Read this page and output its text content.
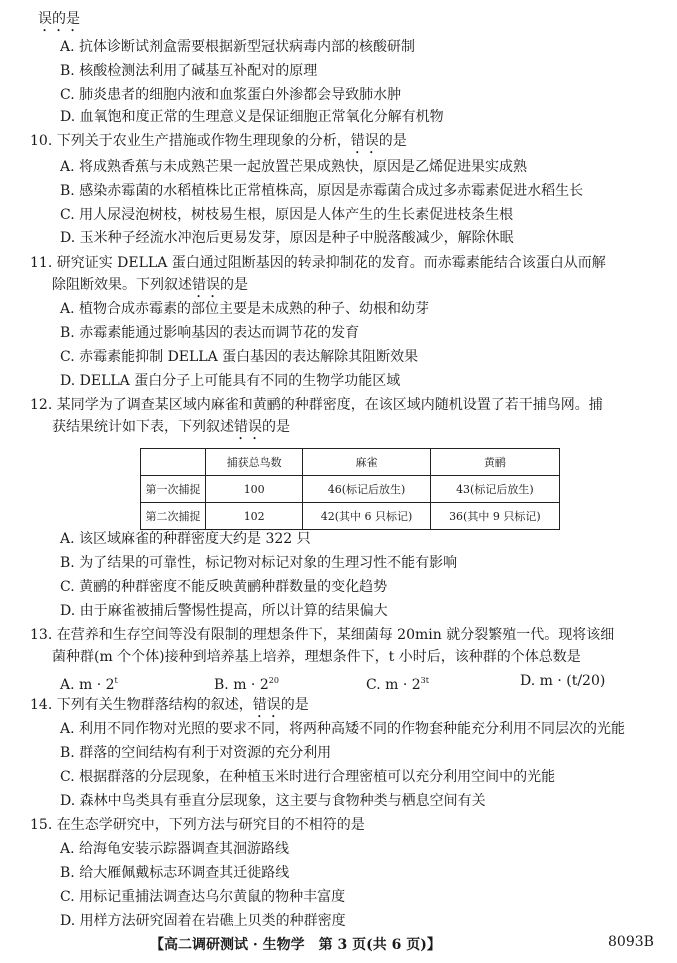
误的是
A. 抗体诊断试剂盒需要根据新型冠状病毒内部的核酸研制
B. 核酸检测法利用了碱基互补配对的原理
C. 肺炎患者的细胞内液和血浆蛋白外渗都会导致肺水肿
D. 血氧饱和度正常的生理意义是保证细胞正常氧化分解有机物
10. 下列关于农业生产措施或作物生理现象的分析，错误的是
A. 将成熟香蕉与未成熟芒果一起放置芒果成熟快，原因是乙烯促进果实成熟
B. 感染赤霉菌的水稻植株比正常植株高，原因是赤霉菌合成过多赤霉素促进水稻生长
C. 用人尿浸泡树枝，树枝易生根，原因是人体产生的生长素促进枝条生根
D. 玉米种子经流水冲泡后更易发芽，原因是种子中脱落酸减少，解除休眠
11. 研究证实 DELLA 蛋白通过阻断基因的转录抑制花的发育。而赤霉素能结合该蛋白从而解
除阻断效果。下列叙述错误的是
A. 植物合成赤霉素的部位主要是未成熟的种子、幼根和幼芽
B. 赤霉素能通过影响基因的表达而调节花的发育
C. 赤霉素能抑制 DELLA 蛋白基因的表达解除其阻断效果
D. DELLA 蛋白分子上可能具有不同的生物学功能区域
12. 某同学为了调查某区域内麻雀和黄鹂的种群密度，在该区域内随机设置了若干捕鸟网。捕
获结果统计如下表，下列叙述错误的是
	捕获总鸟数	麻雀	黄鹂
第一次捕捉	100	46(标记后放生)	43(标记后放生)
第二次捕捉	102	42(其中 6 只标记)	36(其中 9 只标记)
A. 该区域麻雀的种群密度大约是 322 只
B. 为了结果的可靠性，标记物对标记对象的生理习性不能有影响
C. 黄鹂的种群密度不能反映黄鹂种群数量的变化趋势
D. 由于麻雀被捕后警惕性提高，所以计算的结果偏大
13. 在营养和生存空间等没有限制的理想条件下，某细菌每 20min 就分裂繁殖一代。现将该细
菌种群(m 个个体)接种到培养基上培养，理想条件下，t 小时后，该种群的个体总数是
A. $m \cdot 2^t$	B. $m \cdot 2^{20}$	C. $m \cdot 2^{3t}$	D. m · (t/20)
14. 下列有关生物群落结构的叙述，错误的是
A. 利用不同作物对光照的要求不同，将两种高矮不同的作物套种能充分利用不同层次的光能
B. 群落的空间结构有利于对资源的充分利用
C. 根据群落的分层现象，在种植玉米时进行合理密植可以充分利用空间中的光能
D. 森林中鸟类具有垂直分层现象，这主要与食物种类与栖息空间有关
15. 在生态学研究中，下列方法与研究目的不相符的是
A. 给海龟安装示踪器调查其洄游路线
B. 给大雁佩戴标志环调查其迁徙路线
C. 用标记重捕法调查达乌尔黄鼠的物种丰富度
D. 用样方法研究固着在岩礁上贝类的种群密度
【高二调研测试 · 生物学　第 3 页(共 6 页)】	8093B
